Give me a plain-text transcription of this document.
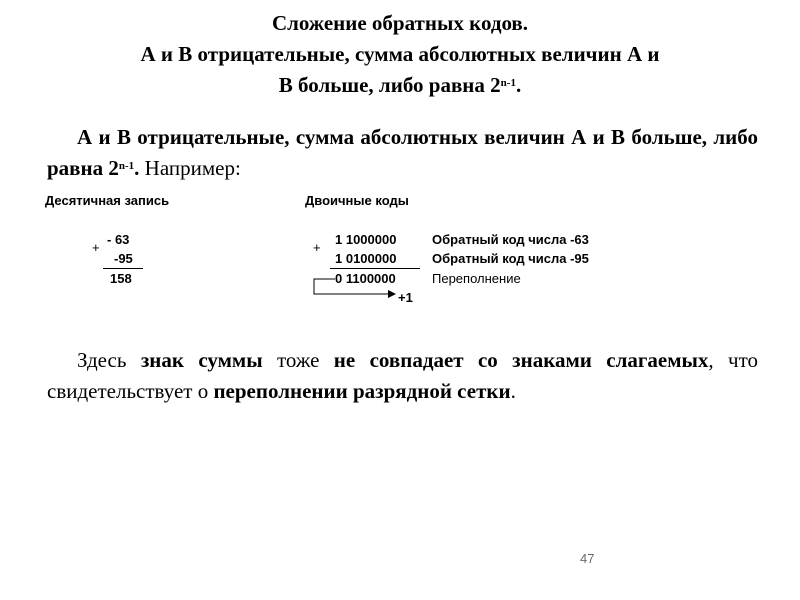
Сложение обратных кодов.
А и В отрицательные, сумма абсолютных величин А и
В больше, либо равна 2$^{n-1}$.
А и В отрицательные, сумма абсолютных величин А и В больше, либо равна 2$^{n-1}$. Например:
Десятичная запись	Двоичные коды
+
- 63
-95
158
+
1 1000000
1 0100000
0 1100000
Обратный код числа -63
Обратный код числа -95
Переполнение
+1
Здесь знак суммы тоже не совпадает со знаками слагаемых, что свидетельствует о переполнении разрядной сетки.
47
